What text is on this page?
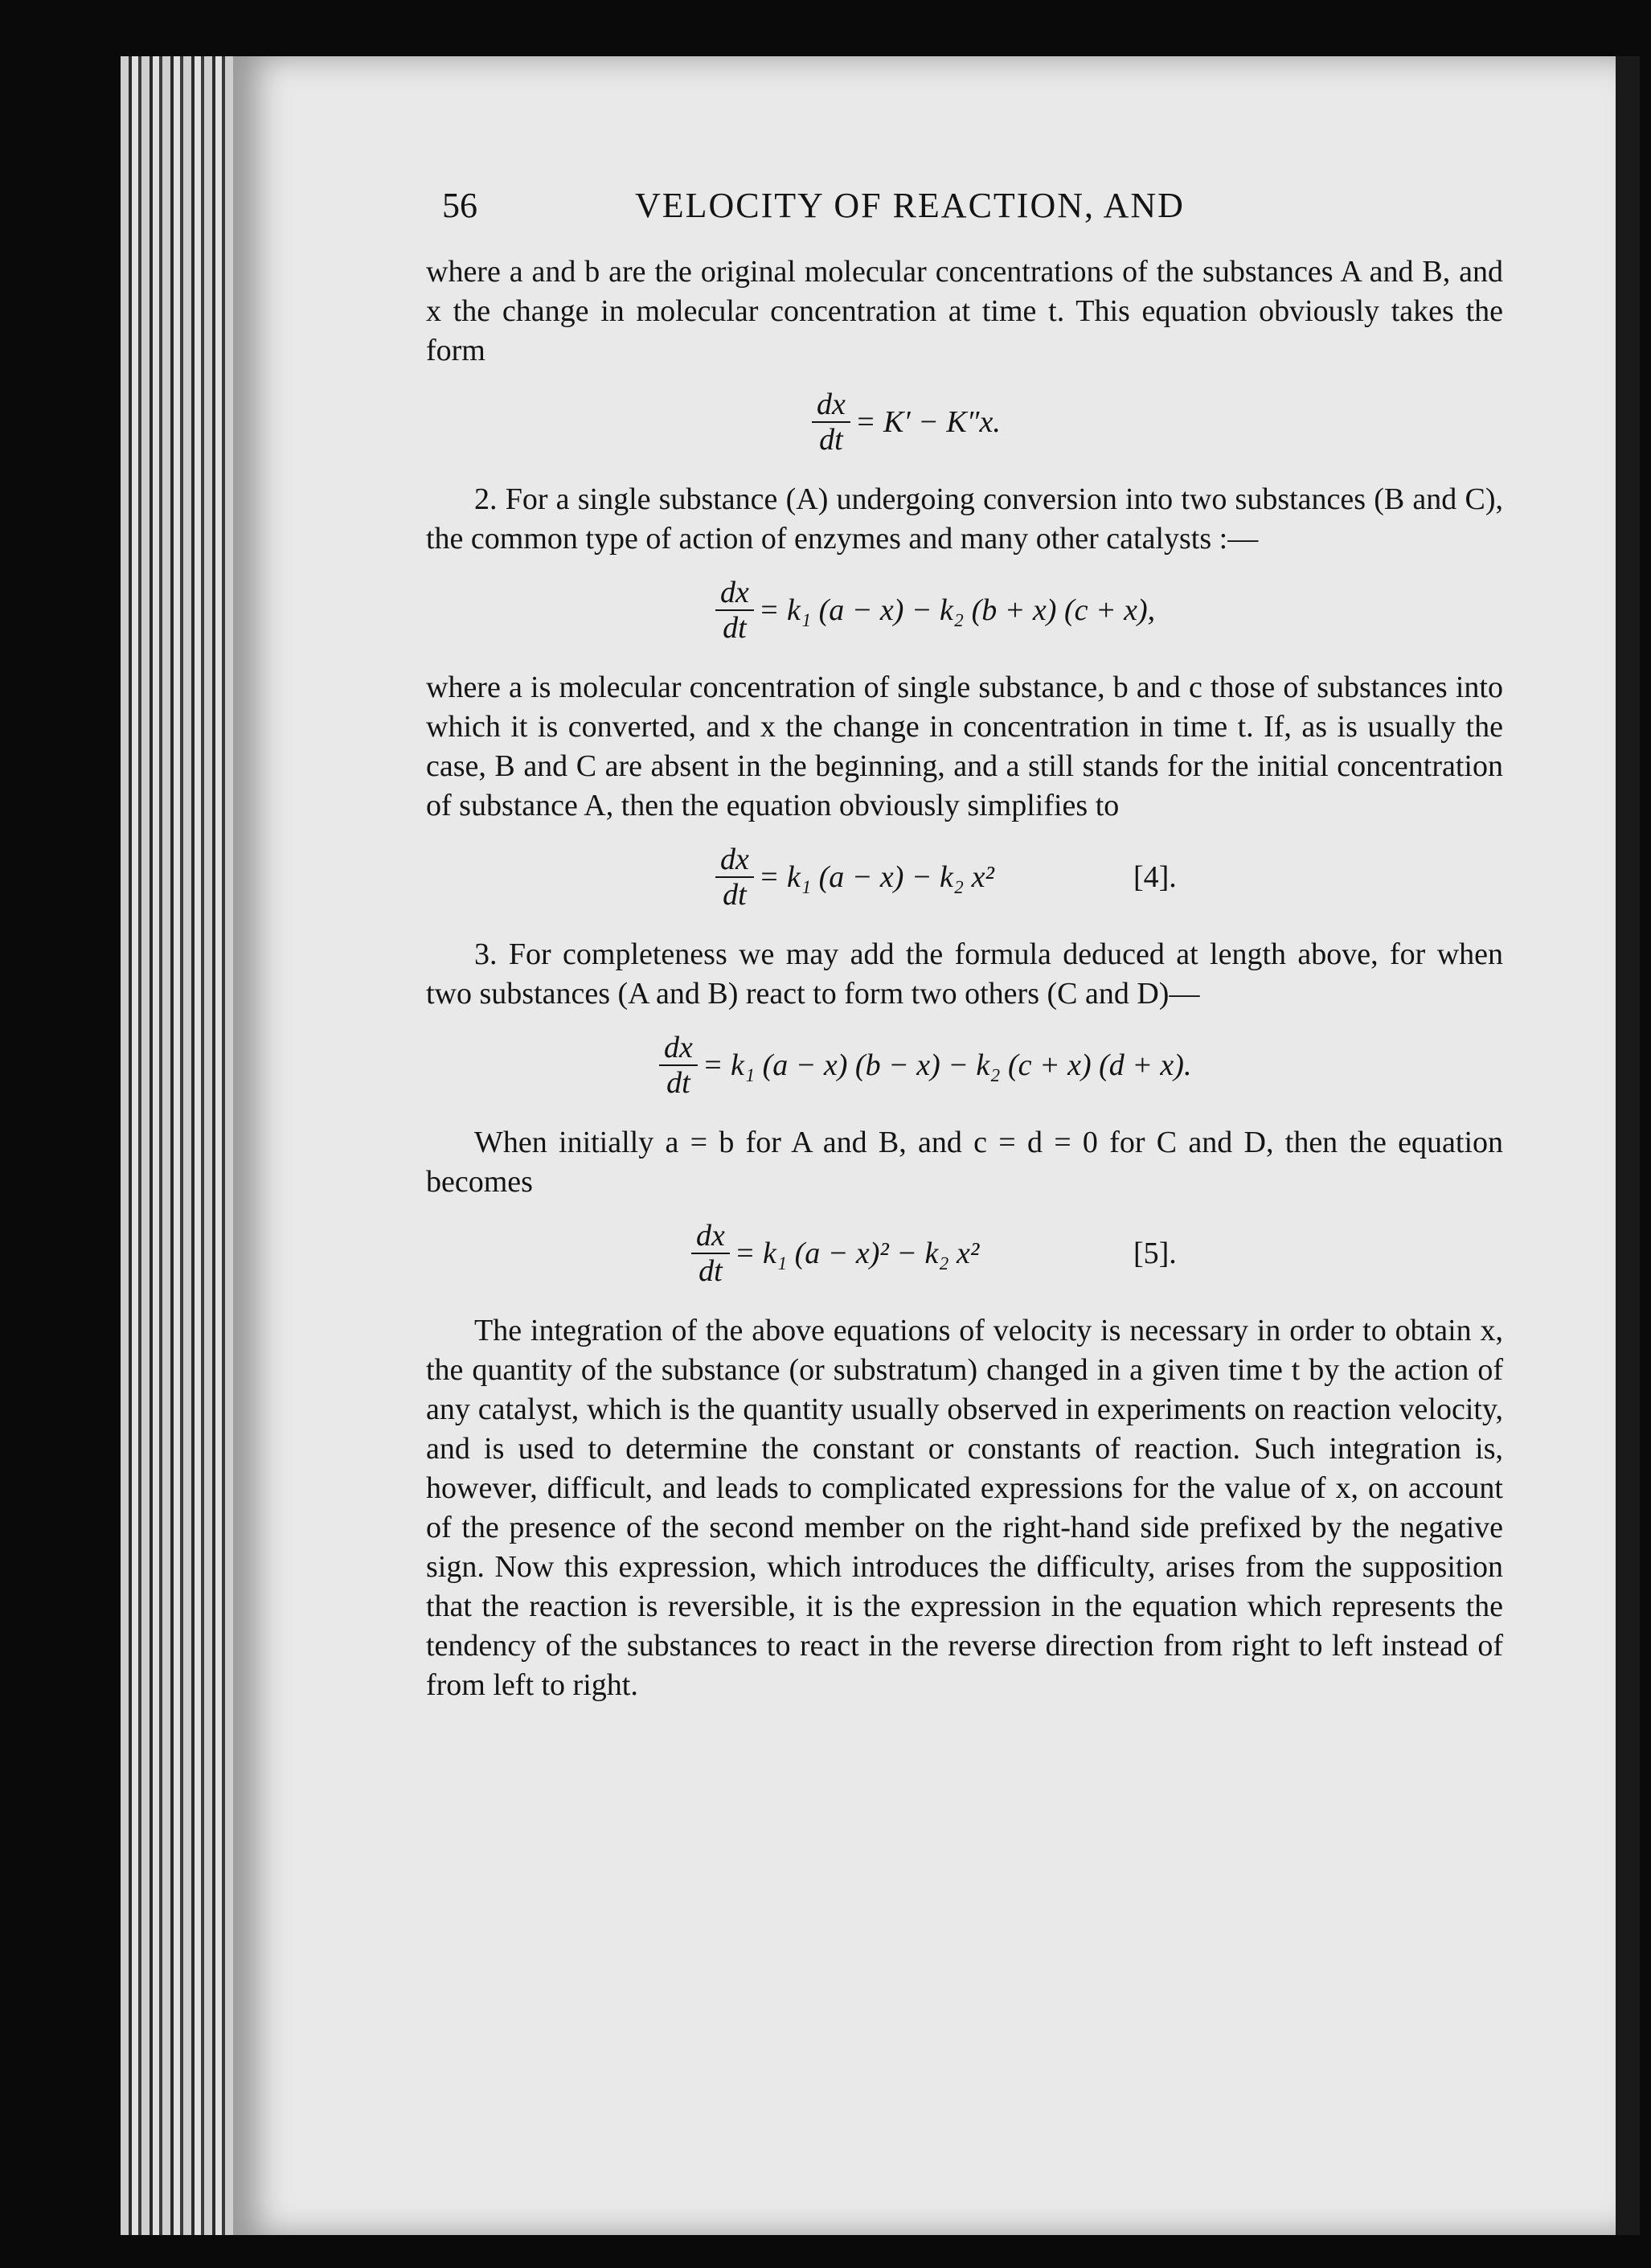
56	VELOCITY OF REACTION, AND

where a and b are the original molecular concentrations of the substances A and B, and x the change in molecular concentration at time t. This equation obviously takes the form

$\frac{dx}{dt} = K' - K''x$.

2. For a single substance (A) undergoing conversion into two substances (B and C), the common type of action of enzymes and many other catalysts :—

$\frac{dx}{dt} = k_1$ (a − x) − k₂ (b + x) (c + x),

where a is molecular concentration of single substance, b and c those of substances into which it is converted, and x the change in concentration in time t. If, as is usually the case, B and C are absent in the beginning, and a still stands for the initial concentration of substance A, then the equation obviously simplifies to

$\frac{dx}{dt} = k_1$ (a − x) − k₂ x²	[4].

3. For completeness we may add the formula deduced at length above, for when two substances (A and B) react to form two others (C and D)—

$\frac{dx}{dt} = k_1$ (a − x) (b − x) − k₂ (c + x) (d + x).

When initially a = b for A and B, and c = d = 0 for C and D, then the equation becomes

$\frac{dx}{dt} = k_1$ (a − x)² − k₂ x²	[5].

The integration of the above equations of velocity is necessary in order to obtain x, the quantity of the substance (or substratum) changed in a given time t by the action of any catalyst, which is the quantity usually observed in experiments on reaction velocity, and is used to determine the constant or constants of reaction. Such integration is, however, difficult, and leads to complicated expressions for the value of x, on account of the presence of the second member on the right-hand side prefixed by the negative sign. Now this expression, which introduces the difficulty, arises from the supposition that the reaction is reversible, it is the expression in the equation which represents the tendency of the substances to react in the reverse direction from right to left instead of from left to right.
